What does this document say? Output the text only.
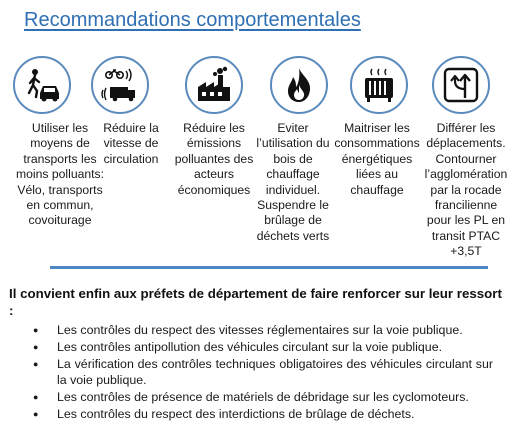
Recommandations comportementales
Utiliser les
moyens de
transports les
moins polluants:
Vélo, transports
en commun,
covoiturage
Réduire la
vitesse de
circulation
Réduire les
émissions
polluantes des
acteurs
économiques
Eviter
l’utilisation du
bois de
chauffage
individuel.
Suspendre le
brûlage de
déchets verts
Maitriser les
consommations
énergétiques
liées au
chauffage
Différer les
déplacements.
Contourner
l’agglomération
par la rocade
francilienne
pour les PL en
transit PTAC
+3,5T
Il convient enfin aux préfets de département de faire renforcer sur leur ressort :
● Les contrôles du respect des vitesses réglementaires sur la voie publique.
● Les contrôles antipollution des véhicules circulant sur la voie publique.
● La vérification des contrôles techniques obligatoires des véhicules circulant sur la voie publique.
● Les contrôles de présence de matériels de débridage sur les cyclomoteurs.
● Les contrôles du respect des interdictions de brûlage de déchets.
